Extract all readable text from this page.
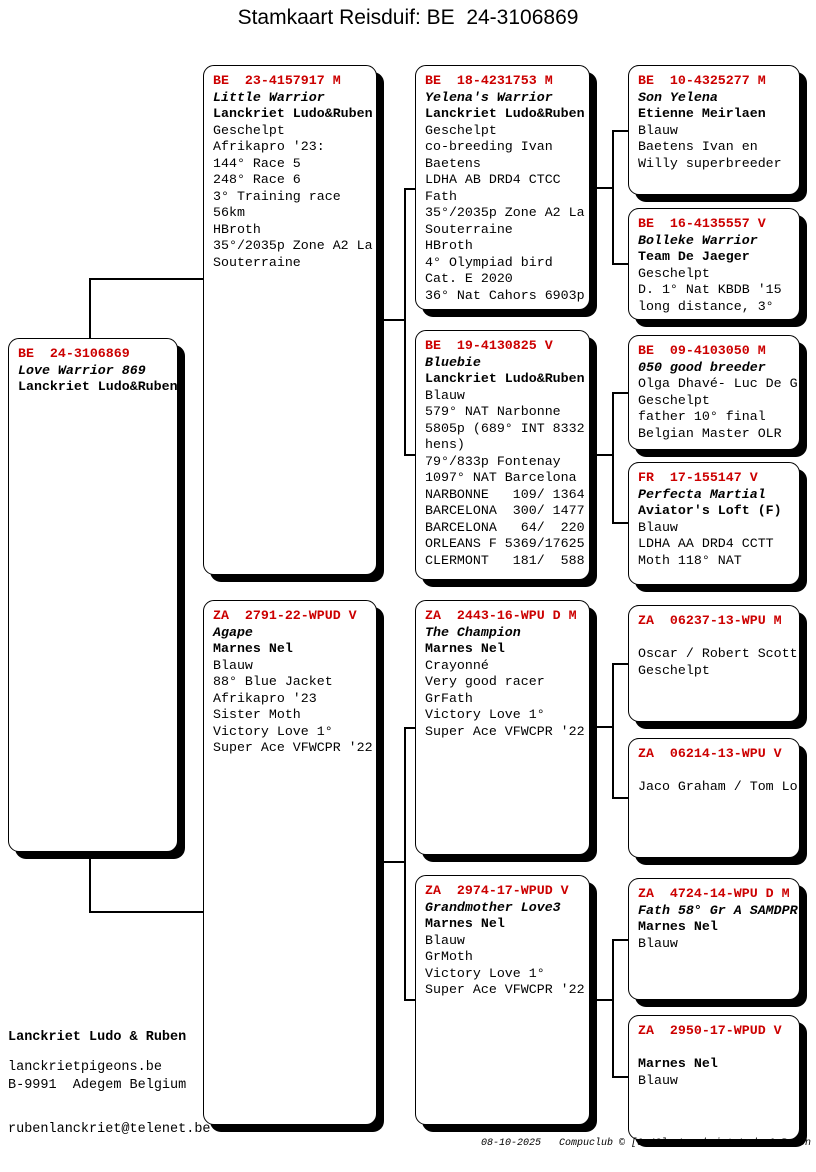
Stamkaart Reisduif: BE  24-3106869
BE  24-3106869
Love Warrior 869
Lanckriet Ludo&Ruben
BE  23-4157917 M
Little Warrior
Lanckriet Ludo&Ruben
Geschelpt
Afrikapro '23:
144° Race 5
248° Race 6
3° Training race
56km
HBroth
35°/2035p Zone A2 La
Souterraine
ZA  2791-22-WPUD V
Agape
Marnes Nel
Blauw
88° Blue Jacket
Afrikapro '23
Sister Moth
Victory Love 1°
Super Ace VFWCPR '22
BE  18-4231753 M
Yelena's Warrior
Lanckriet Ludo&Ruben
Geschelpt
co-breeding Ivan
Baetens
LDHA AB DRD4 CTCC
Fath
35°/2035p Zone A2 La
Souterraine
HBroth
4° Olympiad bird
Cat. E 2020
36° Nat Cahors 6903p
BE  19-4130825 V
Bluebie
Lanckriet Ludo&Ruben
Blauw
579° NAT Narbonne
5805p (689° INT 8332
hens)
79°/833p Fontenay
1097° NAT Barcelona
NARBONNE   109/ 1364
BARCELONA  300/ 1477
BARCELONA   64/  220
ORLEANS F 5369/17625
CLERMONT   181/  588
ZA  2443-16-WPU D M
The Champion
Marnes Nel
Crayonné
Very good racer
GrFath
Victory Love 1°
Super Ace VFWCPR '22
ZA  2974-17-WPUD V
Grandmother Love3
Marnes Nel
Blauw
GrMoth
Victory Love 1°
Super Ace VFWCPR '22
BE  10-4325277 M
Son Yelena
Etienne Meirlaen
Blauw
Baetens Ivan en
Willy superbreeder
BE  16-4135557 V
Bolleke Warrior
Team De Jaeger
Geschelpt
D. 1° Nat KBDB '15
long distance, 3°
BE  09-4103050 M
050 good breeder
Olga Dhavé- Luc De G
Geschelpt
father 10° final
Belgian Master OLR
FR  17-155147 V
Perfecta Martial
Aviator's Loft (F)
Blauw
LDHA AA DRD4 CCTT
Moth 118° NAT
ZA  06237-13-WPU M
Oscar / Robert Scott
Geschelpt
ZA  06214-13-WPU V
Jaco Graham / Tom Lo
ZA  4724-14-WPU D M
Fath 58° Gr A SAMDPR
Marnes Nel
Blauw
ZA  2950-17-WPUD V
Marnes Nel
Blauw
Lanckriet Ludo & Ruben
lanckrietpigeons.be
B-9991  Adegem Belgium
rubenlanckriet@telenet.be
08-10-2025   Compuclub © [9.48]  Lanckriet Ludo & Ruben
